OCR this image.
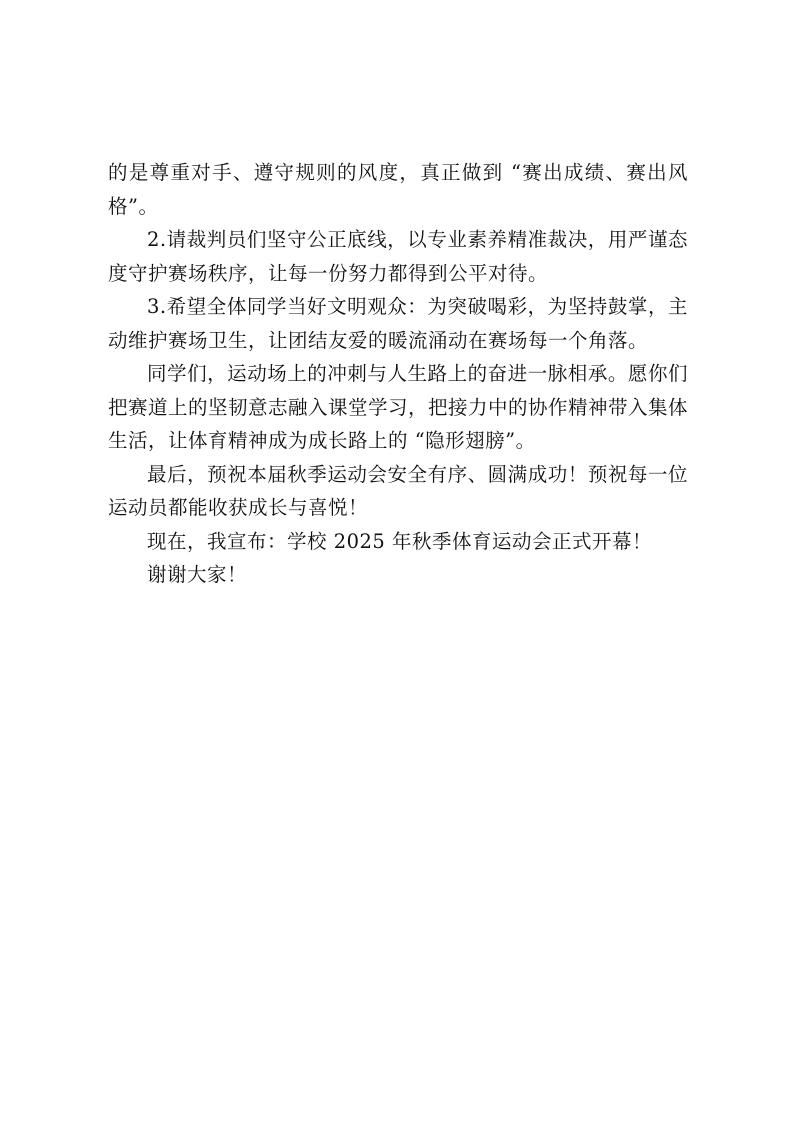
的是尊重对手、遵守规则的风度，真正做到 “赛出成绩、赛出风格”。

2.请裁判员们坚守公正底线，以专业素养精准裁决，用严谨态度守护赛场秩序，让每一份努力都得到公平对待。

3.希望全体同学当好文明观众：为突破喝彩，为坚持鼓掌，主动维护赛场卫生，让团结友爱的暖流涌动在赛场每一个角落。

同学们，运动场上的冲刺与人生路上的奋进一脉相承。愿你们把赛道上的坚韧意志融入课堂学习，把接力中的协作精神带入集体生活，让体育精神成为成长路上的 “隐形翅膀”。

最后，预祝本届秋季运动会安全有序、圆满成功！预祝每一位运动员都能收获成长与喜悦！

现在，我宣布：学校 2025 年秋季体育运动会正式开幕！

谢谢大家！
